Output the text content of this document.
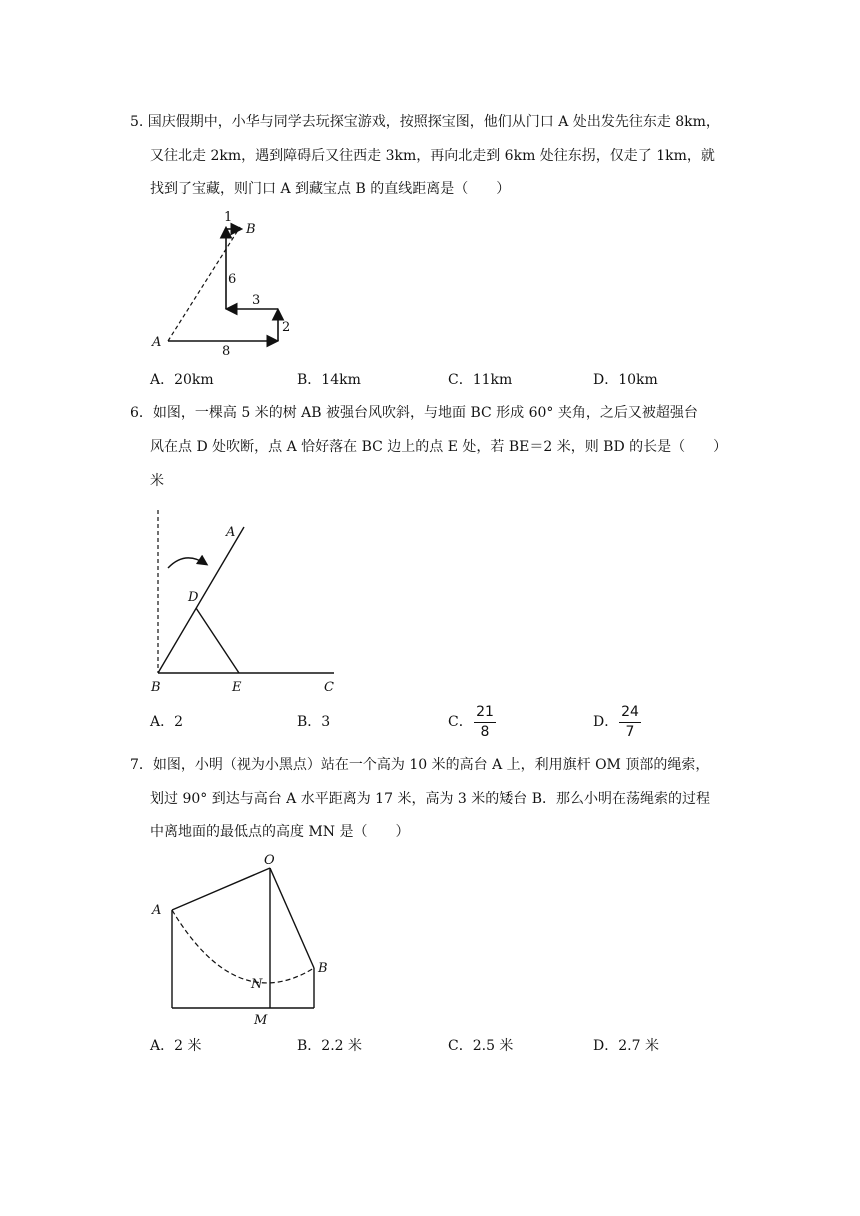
5. 国庆假期中，小华与同学去玩探宝游戏，按照探宝图，他们从门口 A 处出发先往东走 8km，
又往北走 2km，遇到障碍后又往西走 3km，再向北走到 6km 处往东拐，仅走了 1km，就
找到了宝藏，则门口 A 到藏宝点 B 的直线距离是（　　）
A
B
1
6
3
2
8
A．20km	B．14km	C．11km	D．10km
6．如图，一棵高 5 米的树 AB 被强台风吹斜，与地面 BC 形成 60° 夹角，之后又被超强台
风在点 D 处吹断，点 A 恰好落在 BC 边上的点 E 处，若 BE＝2 米，则 BD 的长是（　　）
米
A
D
B	E	C
A．2	B．3	C．
21
8
D．
24
7
7．如图，小明（视为小黑点）站在一个高为 10 米的高台 A 上，利用旗杆 OM 顶部的绳索，
划过 90° 到达与高台 A 水平距离为 17 米，高为 3 米的矮台 B．那么小明在荡绳索的过程
中离地面的最低点的高度 MN 是（　　）
O
A
B
N
M
A．2 米	B．2.2 米	C．2.5 米	D．2.7 米
